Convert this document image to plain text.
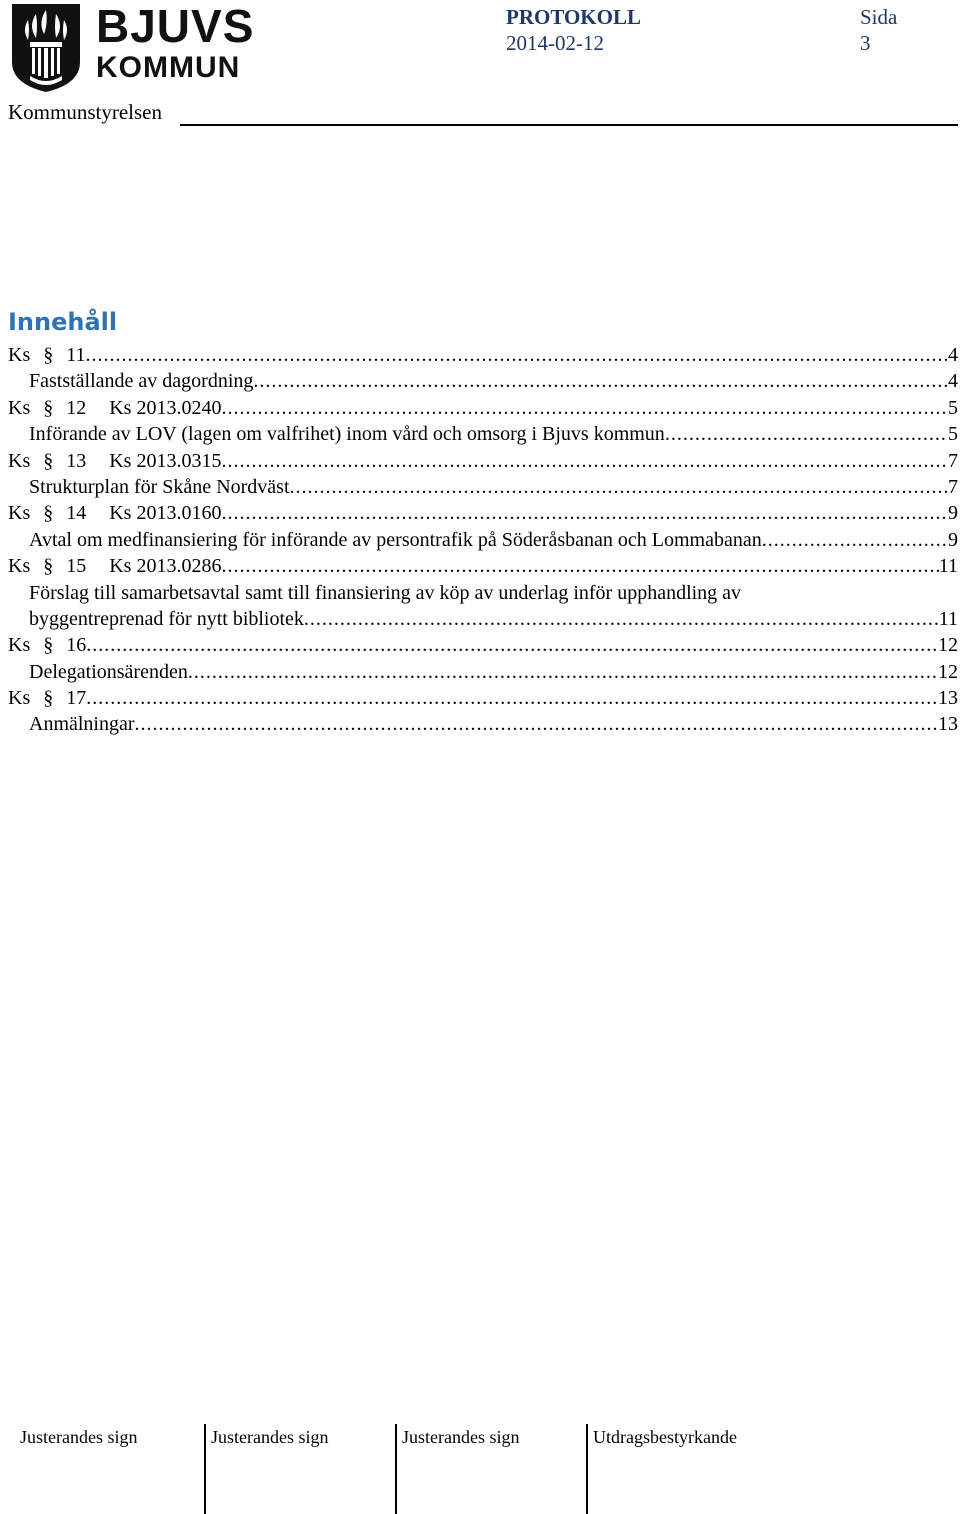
BJUVS
KOMMUN
PROTOKOLL
2014-02-12
Sida
3
Kommunstyrelsen
Innehåll
Ks § 11 .....	4
Fastställande av dagordning .....	4
Ks § 12 Ks 2013.0240 .....	5
Införande av LOV (lagen om valfrihet) inom vård och omsorg i Bjuvs kommun .....	5
Ks § 13 Ks 2013.0315 .....	7
Strukturplan för Skåne Nordväst .....	7
Ks § 14 Ks 2013.0160 .....	9
Avtal om medfinansiering för införande av persontrafik på Söderåsbanan och Lommabanan .....	9
Ks § 15 Ks 2013.0286 .....	11
Förslag till samarbetsavtal samt till finansiering av köp av underlag inför upphandling av
byggentreprenad för nytt bibliotek .....	11
Ks § 16 .....	12
Delegationsärenden .....	12
Ks § 17 .....	13
Anmälningar .....	13
Justerandes sign	Justerandes sign	Justerandes sign	Utdragsbestyrkande
